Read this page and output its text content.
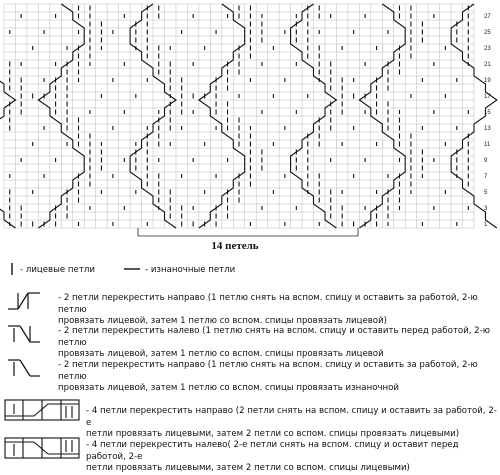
1
3
5
7
9
11
13
15
17
19
21
23
25
27
14 петель
- лицевые петли	- изнаночные петли
- 2 петли перекрестить направо (1 петлю снять на вспом. спицу и оставить за работой, 2-ю петлю
провязать лицевой, затем 1 петлю со вспом. спицы провязать лицевой)
- 2 петли перекрестить налево (1 петлю снять на вспом. спицу и оставить перед работой, 2-ю петлю
провязать лицевой, затем 1 петлю со вспом. спицы провязать лицевой
- 2 петли перекрестить направо (1 петлю снять на вспом. спицу и оставить за работой, 2-ю петлю
провязать лицевой, затем 1 петлю со вспом. спицы провязать изнаночной
- 4 петли перекрестить направо (2 петли снять на вспом. спицу и оставить за работой, 2-е
петли провязать лицевыми, затем 2 петли со вспом. спицы провязать лицевыми)
- 4 петли перекрестить налево( 2-е петли снять на вспом. спицу и оставит перед работой, 2-е
петли провязать лицевыми, затем 2 петли со вспом. спицы лицевыми)
